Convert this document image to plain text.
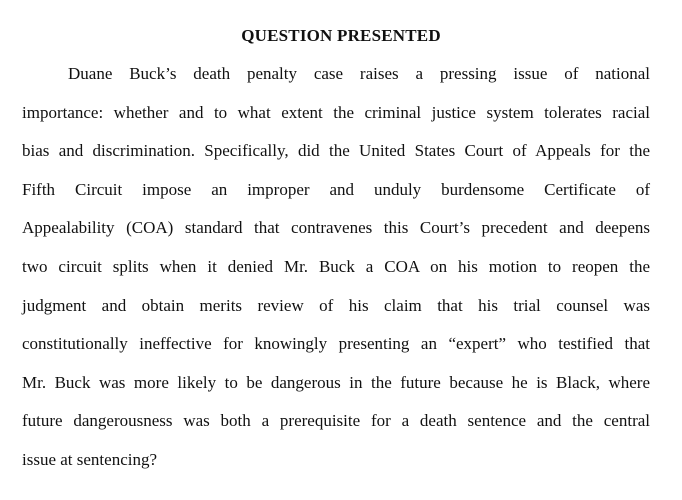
QUESTION PRESENTED
Duane Buck’s death penalty case raises a pressing issue of national
importance: whether and to what extent the criminal justice system tolerates racial
bias and discrimination. Specifically, did the United States Court of Appeals for the
Fifth Circuit impose an improper and unduly burdensome Certificate of
Appealability (COA) standard that contravenes this Court’s precedent and deepens
two circuit splits when it denied Mr. Buck a COA on his motion to reopen the
judgment and obtain merits review of his claim that his trial counsel was
constitutionally ineffective for knowingly presenting an “expert” who testified that
Mr. Buck was more likely to be dangerous in the future because he is Black, where
future dangerousness was both a prerequisite for a death sentence and the central
issue at sentencing?
